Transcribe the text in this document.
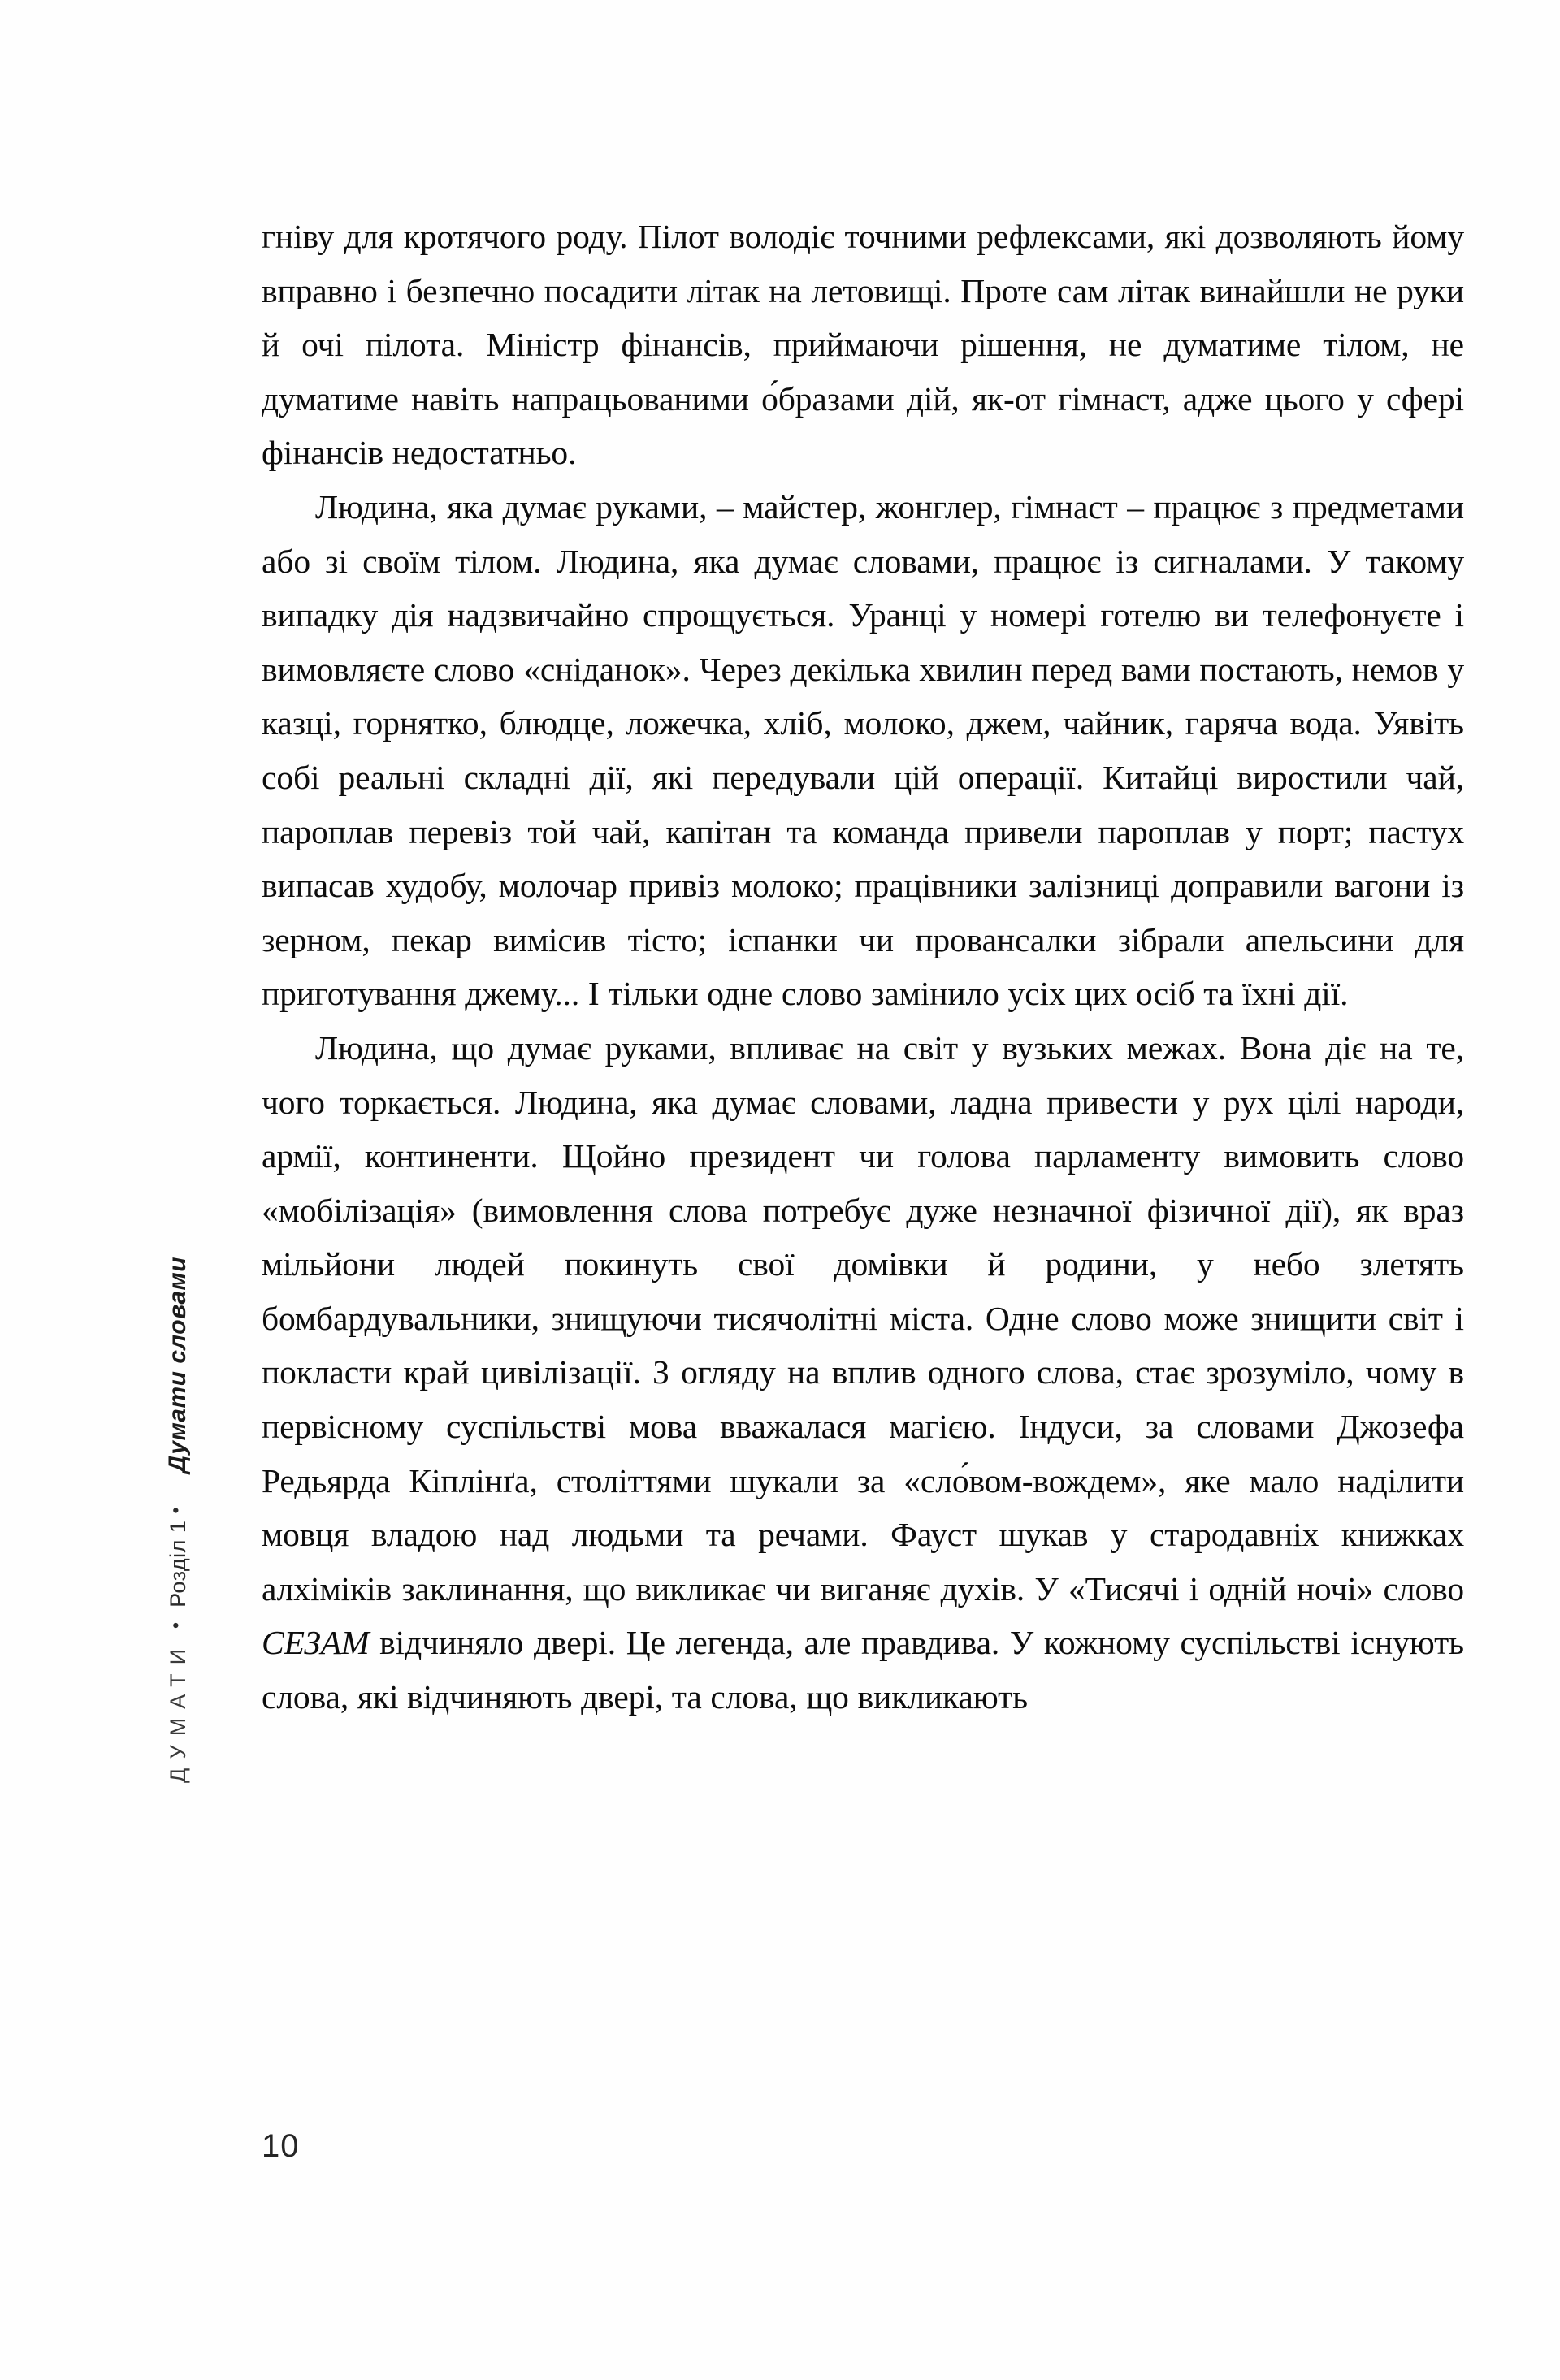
ДУМАТИ
•
Розділ 1
•
Думати словами

гніву для кротячого роду. Пілот володіє точними рефлексами, які дозволяють йому вправно і безпечно посадити літак на летовищі. Проте сам літак винайшли не руки й очі пілота. Міністр фінансів, приймаючи рішення, не думатиме тілом, не думатиме навіть напрацьованими о́бразами дій, як-от гімнаст, адже цього у сфері фінансів недостатньо.

Людина, яка думає руками, – майстер, жонглер, гімнаст – працює з предметами або зі своїм тілом. Людина, яка думає словами, працює із сигналами. У такому випадку дія надзвичайно спрощується. Уранці у номері готелю ви телефонуєте і вимовляєте слово «сніданок». Через декілька хвилин перед вами постають, немов у казці, горнятко, блюдце, ложечка, хліб, молоко, джем, чайник, гаряча вода. Уявіть собі реальні складні дії, які передували цій операції. Китайці виростили чай, пароплав перевіз той чай, капітан та команда привели пароплав у порт; пастух випасав худобу, молочар привіз молоко; працівники залізниці доправили вагони із зерном, пекар вимісив тісто; іспанки чи провансалки зібрали апельсини для приготування джему... І тільки одне слово замінило усіх цих осіб та їхні дії.

Людина, що думає руками, впливає на світ у вузьких межах. Вона діє на те, чого торкається. Людина, яка думає словами, ладна привести у рух цілі народи, армії, континенти. Щойно президент чи голова парламенту вимовить слово «мобілізація» (вимовлення слова потребує дуже незначної фізичної дії), як враз мільйони людей покинуть свої домівки й родини, у небо злетять бомбардувальники, знищуючи тисячолітні міста. Одне слово може знищити світ і покласти край цивілізації. З огляду на вплив одного слова, стає зрозуміло, чому в первісному суспільстві мова вважалася магією. Індуси, за словами Джозефа Редьярда Кіплінґа, століттями шукали за «сло́вом-вождем», яке мало наділити мовця владою над людьми та речами. Фауст шукав у стародавніх книжках алхіміків заклинання, що викликає чи виганяє духів. У «Тисячі і одній ночі» слово СЕЗАМ відчиняло двері. Це легенда, але правдива. У кожному суспільстві існують слова, які відчиняють двері, та слова, що викликають

10
